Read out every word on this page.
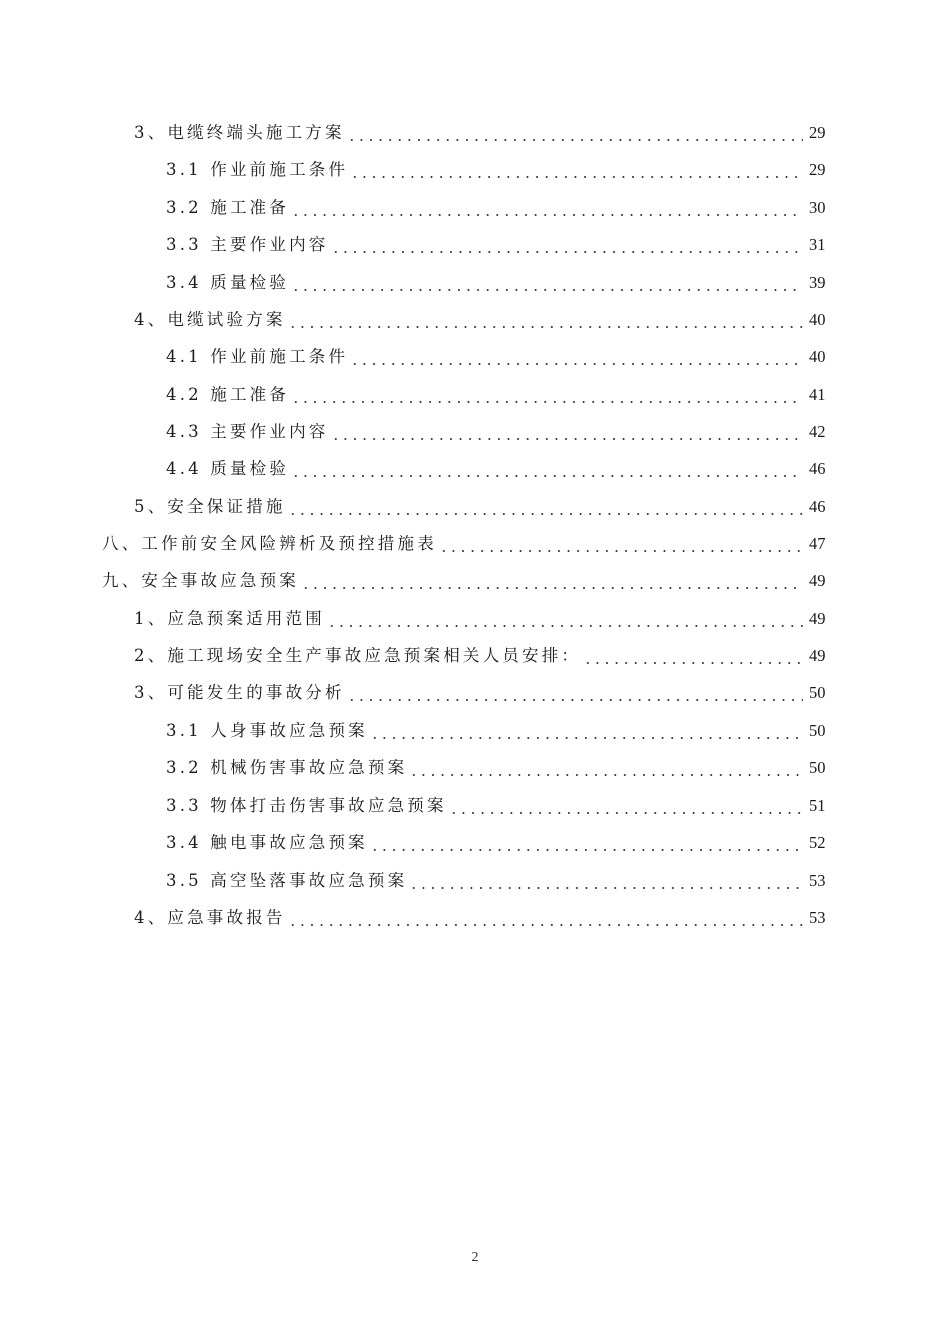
3、电缆终端头施工方案	29
3.1 作业前施工条件	29
3.2 施工准备	30
3.3 主要作业内容	31
3.4 质量检验	39
4、电缆试验方案	40
4.1 作业前施工条件	40
4.2 施工准备	41
4.3 主要作业内容	42
4.4 质量检验	46
5、安全保证措施	46
八、工作前安全风险辨析及预控措施表	47
九、安全事故应急预案	49
1、应急预案适用范围	49
2、施工现场安全生产事故应急预案相关人员安排：	49
3、可能发生的事故分析	50
3.1 人身事故应急预案	50
3.2 机械伤害事故应急预案	50
3.3 物体打击伤害事故应急预案	51
3.4 触电事故应急预案	52
3.5 高空坠落事故应急预案	53
4、应急事故报告	53
2
